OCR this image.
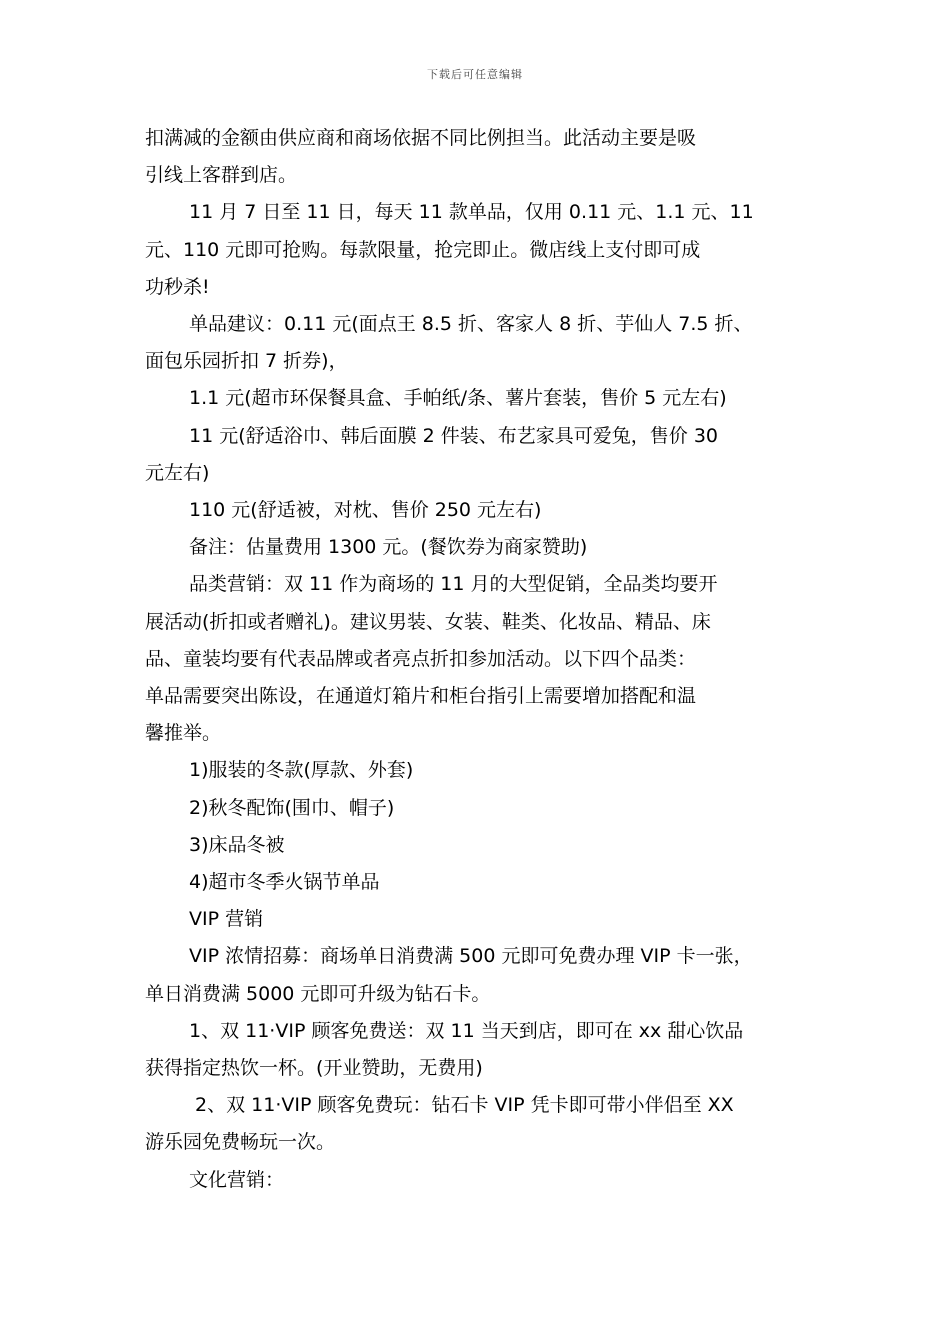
下载后可任意编辑
扣满减的金额由供应商和商场依据不同比例担当。此活动主要是吸
引线上客群到店。
11 月 7 日至 11 日，每天 11 款单品，仅用 0.11 元、1.1 元、11
元、110 元即可抢购。每款限量，抢完即止。微店线上支付即可成
功秒杀!
单品建议：0.11 元(面点王 8.5 折、客家人 8 折、芋仙人 7.5 折、
面包乐园折扣 7 折券)，
1.1 元(超市环保餐具盒、手帕纸/条、薯片套装，售价 5 元左右)
11 元(舒适浴巾、韩后面膜 2 件装、布艺家具可爱兔，售价 30
元左右)
110 元(舒适被，对枕、售价 250 元左右)
备注：估量费用 1300 元。(餐饮券为商家赞助)
品类营销：双 11 作为商场的 11 月的大型促销，全品类均要开
展活动(折扣或者赠礼)。建议男装、女装、鞋类、化妆品、精品、床
品、童装均要有代表品牌或者亮点折扣参加活动。以下四个品类：
单品需要突出陈设，在通道灯箱片和柜台指引上需要增加搭配和温
馨推举。
1)服装的冬款(厚款、外套)
2)秋冬配饰(围巾、帽子)
3)床品冬被
4)超市冬季火锅节单品
VIP 营销
VIP 浓情招募：商场单日消费满 500 元即可免费办理 VIP 卡一张，
单日消费满 5000 元即可升级为钻石卡。
1、双 11·VIP 顾客免费送：双 11 当天到店，即可在 xx 甜心饮品
获得指定热饮一杯。(开业赞助，无费用)
2、双 11·VIP 顾客免费玩：钻石卡 VIP 凭卡即可带小伴侣至 XX
游乐园免费畅玩一次。
文化营销：
